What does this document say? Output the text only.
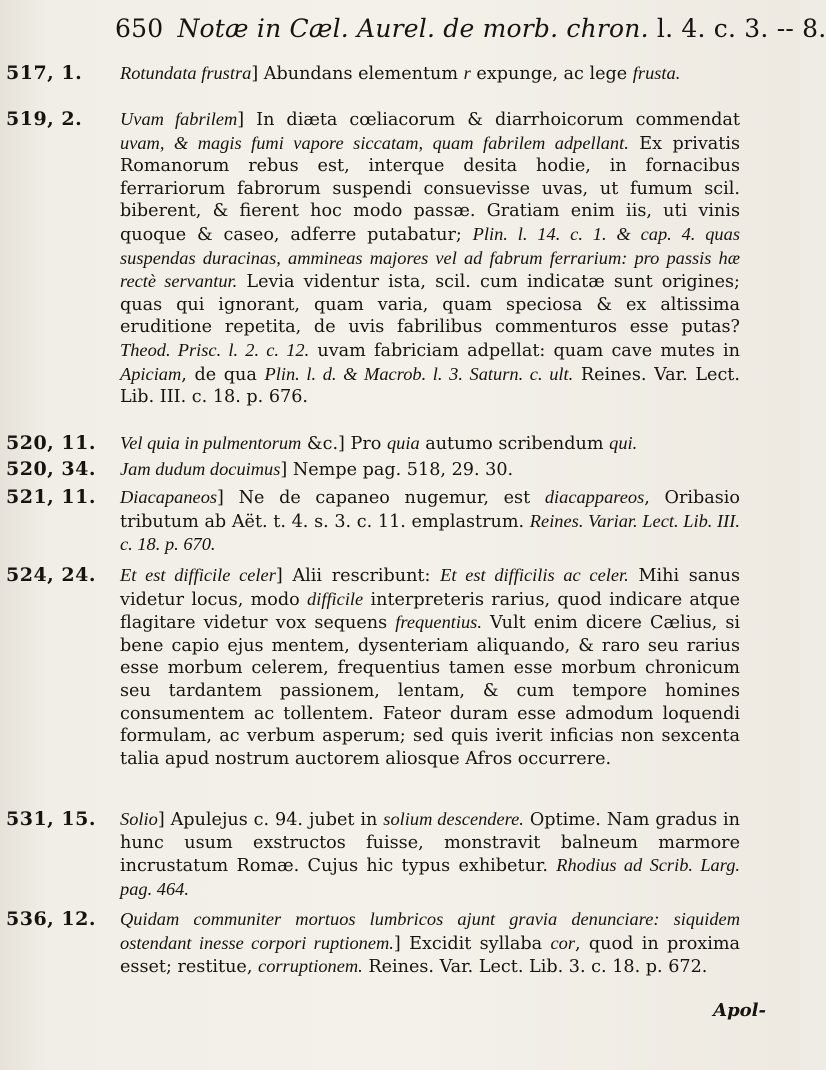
650 Notæ in Cæl. Aurel. de morb. chron. l. 4. c. 3. -- 8.
517, 1. Rotundata frustra] Abundans elementum r expunge, ac lege frusta.
519, 2. Uvam fabrilem] In diæta cœliacorum & diarrhoicorum commendat uvam, & magis fumi vapore siccatam, quam fabrilem adpellant. Ex privatis Romanorum rebus est, interque desita hodie, in fornacibus ferrariorum fabrorum suspendi consuevisse uvas, ut fumum scil. biberent, & fierent hoc modo passæ. Gratiam enim iis, uti vinis quoque & caseo, adferre putabatur; Plin. l. 14. c. 1. & cap. 4. quas suspendas duracinas, ammineas majores vel ad fabrum ferrarium: pro passis hæ rectè servantur. Levia videntur ista, scil. cum indicatæ sunt origines; quas qui ignorant, quam varia, quam speciosa & ex altissima eruditione repetita, de uvis fabrilibus commenturos esse putas? Theod. Prisc. l. 2. c. 12. uvam fabriciam adpellat: quam cave mutes in Apiciam, de qua Plin. l. d. & Macrob. l. 3. Saturn. c. ult. Reines. Var. Lect. Lib. III. c. 18. p. 676.
520, 11. Vel quia in pulmentorum &c.] Pro quia autumo scribendum qui.
520, 34. Jam dudum docuimus] Nempe pag. 518, 29. 30.
521, 11. Diacapaneos] Ne de capaneo nugemur, est diacappareos, Oribasio tributum ab Aët. t. 4. s. 3. c. 11. emplastrum. Reines. Variar. Lect. Lib. III. c. 18. p. 670.
524, 24. Et est difficile celer] Alii rescribunt: Et est difficilis ac celer. Mihi sanus videtur locus, modo difficile interpreteris rarius, quod indicare atque flagitare videtur vox sequens frequentius. Vult enim dicere Cælius, si bene capio ejus mentem, dysenteriam aliquando, & raro seu rarius esse morbum celerem, frequentius tamen esse morbum chronicum seu tardantem passionem, lentam, & cum tempore homines consumentem ac tollentem. Fateor duram esse admodum loquendi formulam, ac verbum asperum; sed quis iverit inficias non sexcenta talia apud nostrum auctorem aliosque Afros occurrere.
531, 15. Solio] Apulejus c. 94. jubet in solium descendere. Optime. Nam gradus in hunc usum exstructos fuisse, monstravit balneum marmore incrustatum Romæ. Cujus hic typus exhibetur. Rhodius ad Scrib. Larg. pag. 464.
536, 12. Quidam communiter mortuos lumbricos ajunt gravia denunciare: siquidem ostendant inesse corpori ruptionem.] Excidit syllaba cor, quod in proxima esset; restitue, corruptionem. Reines. Var. Lect. Lib. 3. c. 18. p. 672.
Apol-
